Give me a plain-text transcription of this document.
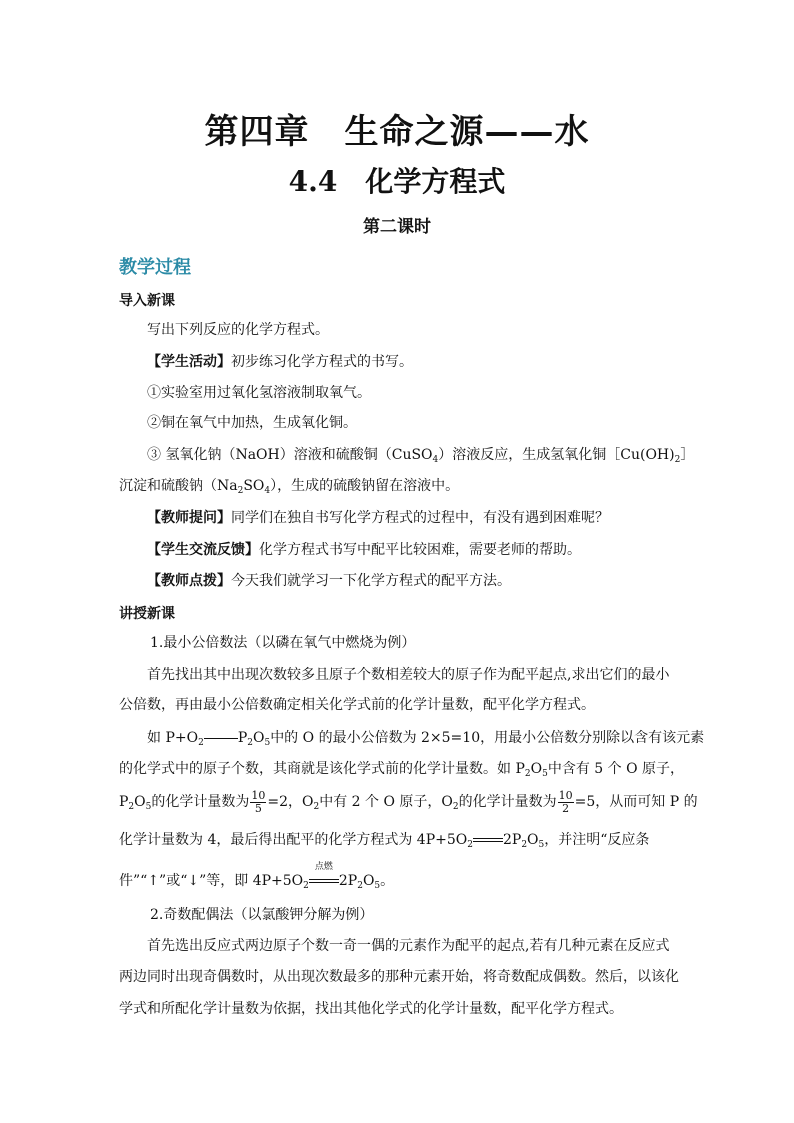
第四章　生命之源——水
4.4　化学方程式
第二课时
教学过程
导入新课
写出下列反应的化学方程式。
【学生活动】初步练习化学方程式的书写。
①实验室用过氧化氢溶液制取氧气。
②铜在氧气中加热，生成氧化铜。
③ 氢氧化钠（NaOH）溶液和硫酸铜（CuSO$_4$）溶液反应，生成氢氧化铜$[Cu(OH)_2]$
沉淀和硫酸钠$(Na_2SO_4)$，生成的硫酸钠留在溶液中。
【教师提问】同学们在独自书写化学方程式的过程中，有没有遇到困难呢？
【学生交流反馈】化学方程式书写中配平比较困难，需要老师的帮助。
【教师点拨】今天我们就学习一下化学方程式的配平方法。
讲授新课
1.最小公倍数法（以磷在氧气中燃烧为例）
首先找出其中出现次数较多且原子个数相差较大的原子作为配平起点,求出它们的最小
公倍数，再由最小公倍数确定相关化学式前的化学计量数，配平化学方程式。
如 $P+O_2$ $P_2O_5$中的 O 的最小公倍数为 2×5=10，用最小公倍数分别除以含有该元素
的化学式中的原子个数，其商就是该化学式前的化学计量数。如 $P_2O_5$中含有 5 个 O 原子，
$P_2O_5$的化学计量数为 $\frac{10}{5} =2$，$O_2$中有 2 个 O 原子，$O_2$的化学计量数为 $\frac{10}{2} =5$，从而可知 P 的
化学计量数为 4，最后得出配平的化学方程式为 $4P+5O_2$ $2P_2O_5$，并注明“反应条
件”“↑”或“↓”等，即 $4P+5O_2$
点燃
$2P_2O_5$。
2.奇数配偶法（以氯酸钾分解为例）
首先选出反应式两边原子个数一奇一偶的元素作为配平的起点,若有几种元素在反应式
两边同时出现奇偶数时，从出现次数最多的那种元素开始，将奇数配成偶数。然后，以该化
学式和所配化学计量数为依据，找出其他化学式的化学计量数，配平化学方程式。
